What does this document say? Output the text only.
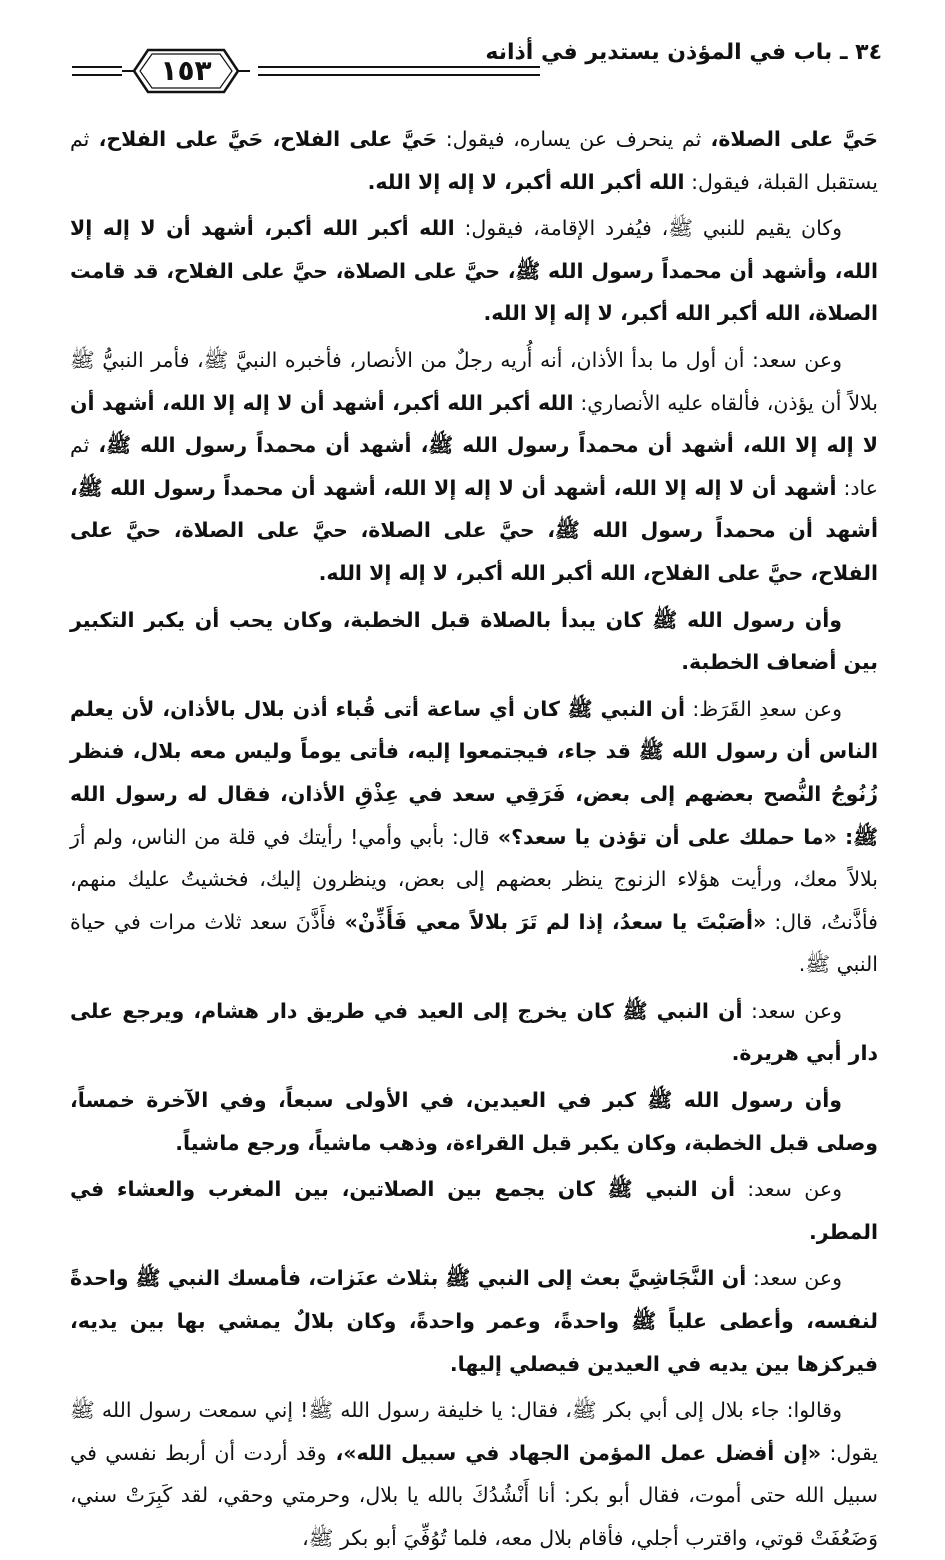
١٥٣
٣٤ ـ باب في المؤذن يستدير في أذانه

حَيَّ على الصلاة، ثم ينحرف عن يساره، فيقول: حَيَّ على الفلاح، حَيَّ على الفلاح، ثم يستقبل القبلة، فيقول: الله أكبر الله أكبر، لا إله إلا الله.

وكان يقيم للنبي ﷺ، فيُفرد الإقامة، فيقول: الله أكبر الله أكبر، أشهد أن لا إله إلا الله، وأشهد أن محمداً رسول الله ﷺ، حيَّ على الصلاة، حيَّ على الفلاح، قد قامت الصلاة، الله أكبر الله أكبر، لا إله إلا الله.

وعن سعد: أن أول ما بدأ الأذان، أنه أُريه رجلٌ من الأنصار، فأخبره النبيَّ ﷺ، فأمر النبيُّ ﷺ بلالاً أن يؤذن، فألقاه عليه الأنصاري: الله أكبر الله أكبر، أشهد أن لا إله إلا الله، أشهد أن لا إله إلا الله، أشهد أن محمداً رسول الله ﷺ، أشهد أن محمداً رسول الله ﷺ، ثم عاد: أشهد أن لا إله إلا الله، أشهد أن لا إله إلا الله، أشهد أن محمداً رسول الله ﷺ، أشهد أن محمداً رسول الله ﷺ، حيَّ على الصلاة، حيَّ على الصلاة، حيَّ على الفلاح، حيَّ على الفلاح، الله أكبر الله أكبر، لا إله إلا الله.

وأن رسول الله ﷺ كان يبدأ بالصلاة قبل الخطبة، وكان يحب أن يكبر التكبير بين أضعاف الخطبة.

وعن سعدِ القَرَظ: أن النبي ﷺ كان أي ساعة أتى قُباء أذن بلال بالأذان، لأن يعلم الناس أن رسول الله ﷺ قد جاء، فيجتمعوا إليه، فأتى يوماً وليس معه بلال، فنظر زُنُوجُ النُّصح بعضهم إلى بعض، فَرَقِي سعد في عِذْقِ الأذان، فقال له رسول الله ﷺ: «ما حملك على أن تؤذن يا سعد؟» قال: بأبي وأمي! رأيتك في قلة من الناس، ولم أرَ بلالاً معك، ورأيت هؤلاء الزنوج ينظر بعضهم إلى بعض، وينظرون إليك، فخشيتُ عليك منهم، فأذَّنتُ، قال: «أصَبْتَ يا سعدُ، إذا لم تَرَ بلالاً معي فَأَذِّنْ» فأَذَّنَ سعد ثلاث مرات في حياة النبي ﷺ.

وعن سعد: أن النبي ﷺ كان يخرج إلى العيد في طريق دار هشام، ويرجع على دار أبي هريرة.

وأن رسول الله ﷺ كبر في العيدين، في الأولى سبعاً، وفي الآخرة خمساً، وصلى قبل الخطبة، وكان يكبر قبل القراءة، وذهب ماشياً، ورجع ماشياً.

وعن سعد: أن النبي ﷺ كان يجمع بين الصلاتين، بين المغرب والعشاء في المطر.

وعن سعد: أن النَّجَاشِيَّ بعث إلى النبي ﷺ بثلاث عنَزات، فأمسك النبي ﷺ واحدةً لنفسه، وأعطى علياً ﷺ واحدةً، وعمر واحدةً، وكان بلالٌ يمشي بها بين يديه، فيركزها بين يديه في العيدين فيصلي إليها.

وقالوا: جاء بلال إلى أبي بكر ﷺ، فقال: يا خليفة رسول الله ﷺ! إني سمعت رسول الله ﷺ يقول: «إن أفضل عمل المؤمن الجهاد في سبيل الله»، وقد أردت أن أربط نفسي في سبيل الله حتى أموت، فقال أبو بكر: أنا أَنْشُدُكَ بالله يا بلال، وحرمتي وحقي، لقد كَبِرَتْ سني، وَضَعُفَتْ قوتي، واقترب أجلي، فأقام بلال معه، فلما تُوُفِّيَ أبو بكر ﷺ،
